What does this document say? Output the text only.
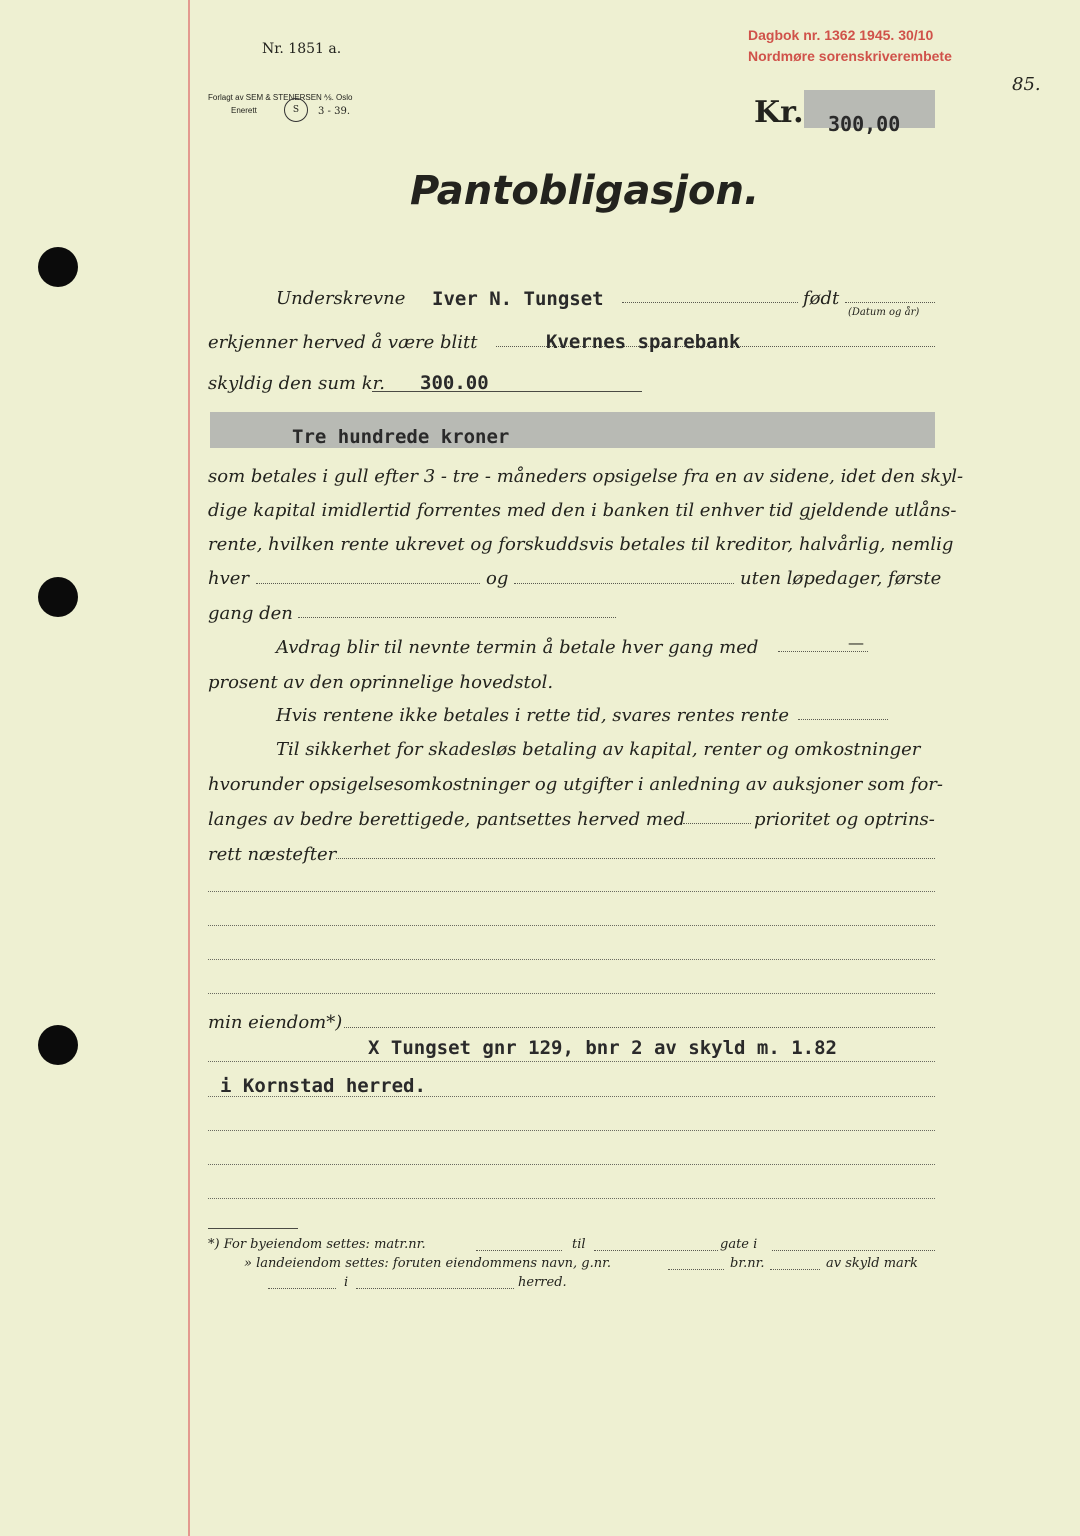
Nr. 1851 a.
Forlagt av SEM & STENERSEN ⅍. Oslo
Enerett	S	3 - 39.
Dagbok nr. 1362 1945. 30/10
Nordmøre sorenskriverembete
85.
Kr. 300,00
Pantobligasjon.
Underskrevne Iver N. Tungset	født
(Datum og år)
erkjenner herved å være blitt	Kvernes sparebank
skyldig den sum kr. 300.00
Tre hundrede kroner
som betales i gull efter 3 - tre - måneders opsigelse fra en av sidene, idet den skyl-
dige kapital imidlertid forrentes med den i banken til enhver tid gjeldende utlåns-
rente, hvilken rente ukrevet og forskuddsvis betales til kreditor, halvårlig, nemlig
hver	og	uten løpedager, første
gang den
Avdrag blir til nevnte termin å betale hver gang med	—
prosent av den oprinnelige hovedstol.
Hvis rentene ikke betales i rette tid, svares rentes rente
Til sikkerhet for skadesløs betaling av kapital, renter og omkostninger
hvorunder opsigelsesomkostninger og utgifter i anledning av auksjoner som for-
langes av bedre berettigede, pantsettes herved med	prioritet og optrins-
rett næstefter
min eiendom*)
X Tungset gnr 129, bnr 2 av skyld m. 1.82
i Kornstad herred.
*) For byeiendom settes: matr.nr.	til	gate i
» landeiendom settes: foruten eiendommens navn, g.nr.	br.nr.	av skyld mark
i	herred.
